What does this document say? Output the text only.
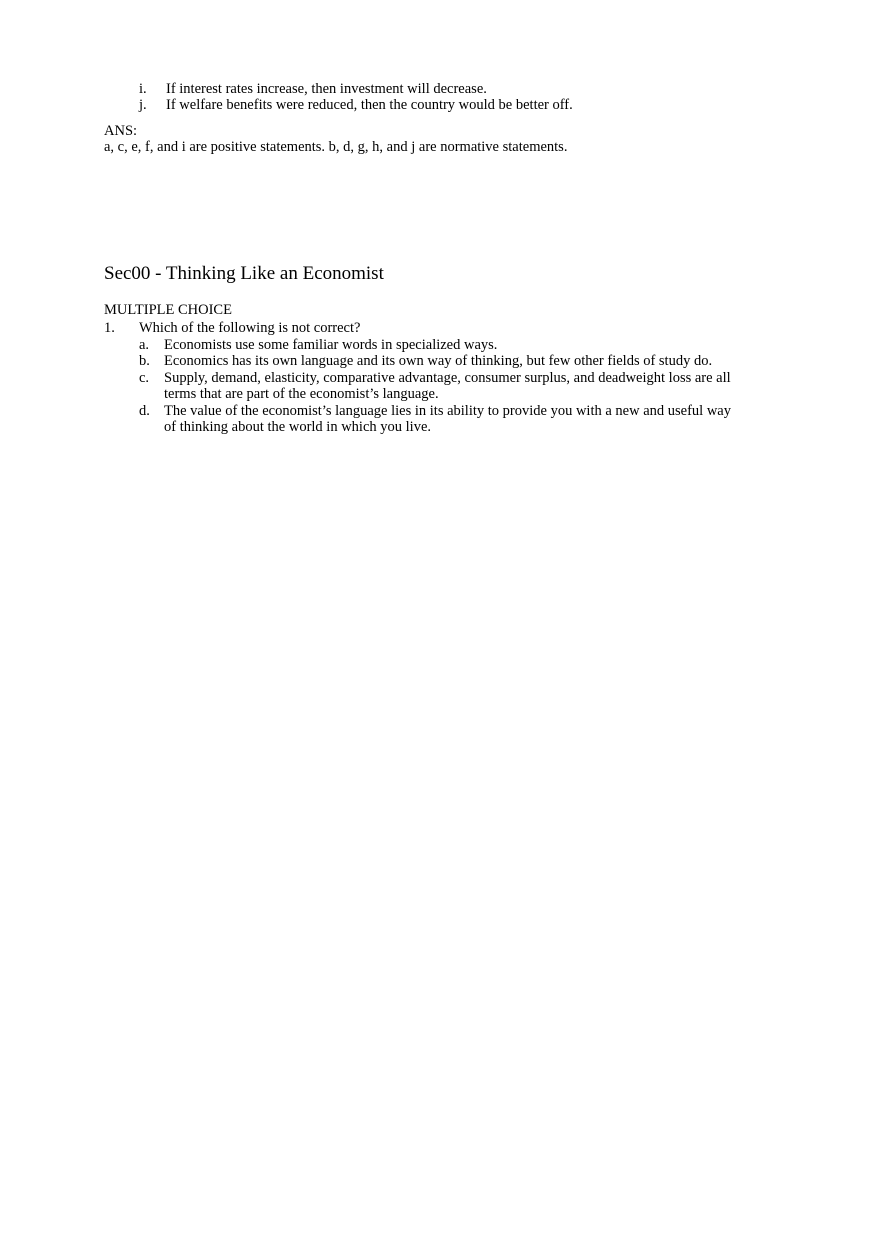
i. If interest rates increase, then investment will decrease.
j. If welfare benefits were reduced, then the country would be better off.
ANS:
a, c, e, f, and i are positive statements. b, d, g, h, and j are normative statements.
Sec00 - Thinking Like an Economist
MULTIPLE CHOICE
1. Which of the following is not correct?
a. Economists use some familiar words in specialized ways.
b. Economics has its own language and its own way of thinking, but few other fields of study do.
c. Supply, demand, elasticity, comparative advantage, consumer surplus, and deadweight loss are all
terms that are part of the economist’s language.
d. The value of the economist’s language lies in its ability to provide you with a new and useful way
of thinking about the world in which you live.
